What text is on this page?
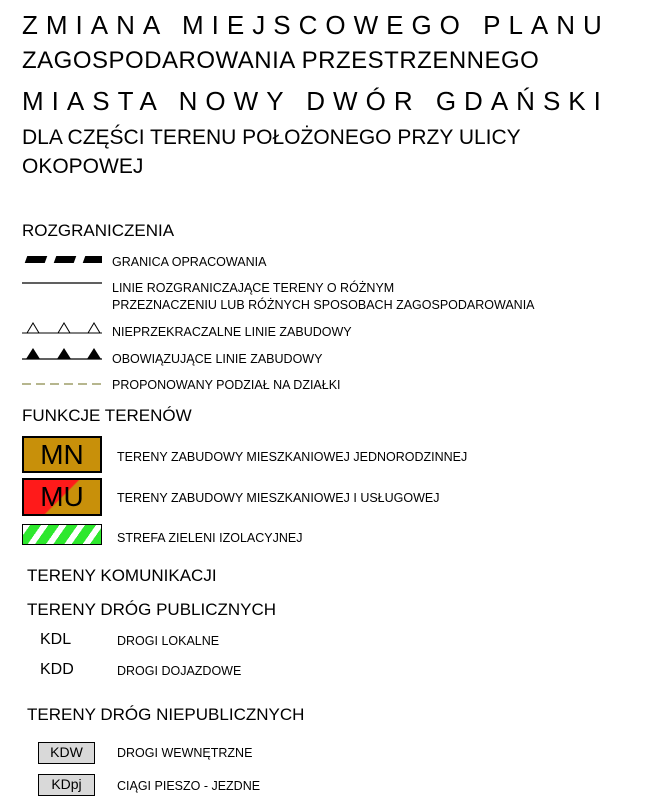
ZMIANA MIEJSCOWEGO PLANU
ZAGOSPODAROWANIA PRZESTRZENNEGO
MIASTA NOWY DWÓR GDAŃSKI
DLA CZĘŚCI TERENU POŁOŻONEGO PRZY ULICY
OKOPOWEJ
ROZGRANICZENIA
GRANICA OPRACOWANIA
LINIE ROZGRANICZAJĄCE TERENY O RÓŻNYM
PRZEZNACZENIU LUB RÓŻNYCH SPOSOBACH ZAGOSPODAROWANIA
NIEPRZEKRACZALNE LINIE ZABUDOWY
OBOWIĄZUJĄCE LINIE ZABUDOWY
PROPONOWANY PODZIAŁ NA DZIAŁKI
FUNKCJE TERENÓW
MN	TERENY ZABUDOWY MIESZKANIOWEJ JEDNORODZINNEJ
MU	TERENY ZABUDOWY MIESZKANIOWEJ I USŁUGOWEJ
STREFA ZIELENI IZOLACYJNEJ
TERENY KOMUNIKACJI
TERENY DRÓG PUBLICZNYCH
KDL	DROGI LOKALNE
KDD	DROGI DOJAZDOWE
TERENY DRÓG NIEPUBLICZNYCH
KDW	DROGI WEWNĘTRZNE
KDpj	CIĄGI PIESZO - JEZDNE
